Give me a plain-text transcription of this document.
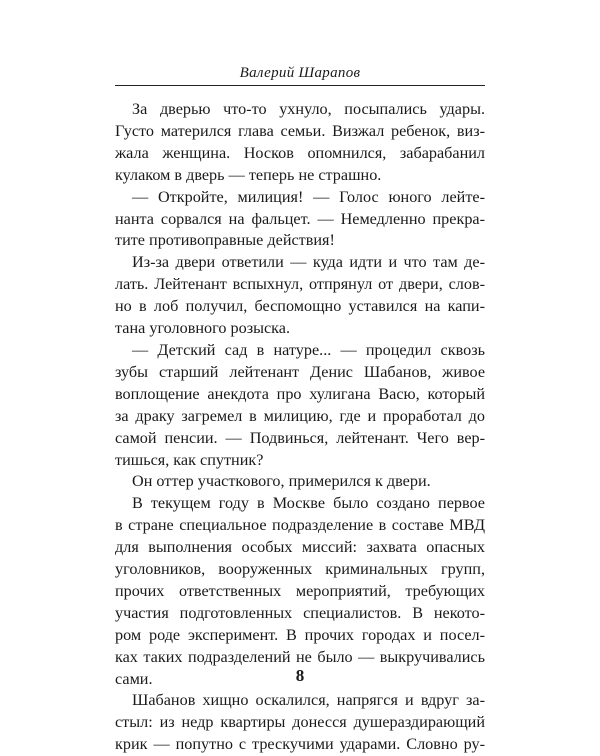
Валерий Шарапов
За дверью что-то ухнуло, посыпались удары.
Густо матерился глава семьи. Визжал ребенок, виз-
жала женщина. Носков опомнился, забарабанил
кулаком в дверь — теперь не страшно.
— Откройте, милиция! — Голос юного лейте-
нанта сорвался на фальцет. — Немедленно прекра-
тите противоправные действия!
Из-за двери ответили — куда идти и что там де-
лать. Лейтенант вспыхнул, отпрянул от двери, слов-
но в лоб получил, беспомощно уставился на капи-
тана уголовного розыска.
— Детский сад в натуре... — процедил сквозь
зубы старший лейтенант Денис Шабанов, живое
воплощение анекдота про хулигана Васю, который
за драку загремел в милицию, где и проработал до
самой пенсии. — Подвинься, лейтенант. Чего вер-
тишься, как спутник?
Он оттер участкового, примерился к двери.
В текущем году в Москве было создано первое
в стране специальное подразделение в составе МВД
для выполнения особых миссий: захвата опасных
уголовников, вооруженных криминальных групп,
прочих ответственных мероприятий, требующих
участия подготовленных специалистов. В некото-
ром роде эксперимент. В прочих городах и посел-
ках таких подразделений не было — выкручивались
сами.
Шабанов хищно оскалился, напрягся и вдруг за-
стыл: из недр квартиры донесся душераздирающий
крик — попутно с трескучими ударами. Словно ру-
8
